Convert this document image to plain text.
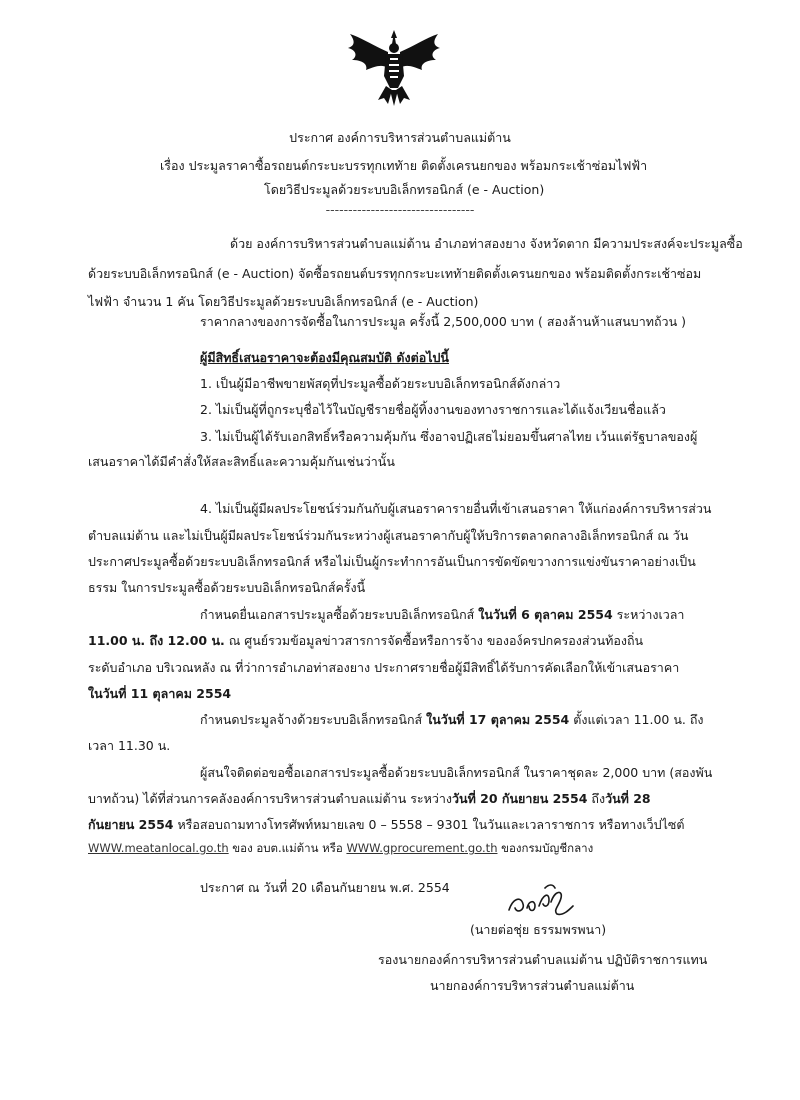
ประกาศ องค์การบริหารส่วนตำบลแม่ต้าน
เรื่อง ประมูลราคาซื้อรถยนต์กระบะบรรทุกเททัาย ติดตั้งเครนยกของ พร้อมกระเช้าซ่อมไฟฟ้า
โดยวิธีประมูลด้วยระบบอิเล็กทรอนิกส์ (e - Auction)
---------------------------------
ด้วย องค์การบริหารส่วนตำบลแม่ต้าน อำเภอท่าสองยาง จังหวัดตาก มีความประสงค์จะประมูลซื้อ
ด้วยระบบอิเล็กทรอนิกส์ (e - Auction) จัดซื้อรถยนต์บรรทุกกระบะเททัายติดตั้งเครนยกของ พร้อมติดตั้งกระเช้าซ่อม
ไฟฟ้า จำนวน 1 คัน โดยวิธีประมูลด้วยระบบอิเล็กทรอนิกส์ (e - Auction)
ราคากลางของการจัดซื้อในการประมูล ครั้งนี้ 2,500,000 บาท ( สองล้านห้าแสนบาทถ้วน )
ผู้มีสิทธิ์เสนอราคาจะต้องมีคุณสมบัติ ดังต่อไปนี้
1. เป็นผู้มีอาชีพขายพัสดุที่ประมูลซื้อด้วยระบบอิเล็กทรอนิกส์ดังกล่าว
2. ไม่เป็นผู้ที่ถูกระบุชื่อไว้ในบัญชีรายชื่อผู้ทิ้งงานของทางราชการและได้แจ้งเวียนชื่อแล้ว
3. ไม่เป็นผู้ได้รับเอกสิทธิ์หรือความคุ้มกัน ซึ่งอาจปฏิเสธไม่ยอมขึ้นศาลไทย เว้นแต่รัฐบาลของผู้
เสนอราคาได้มีคำสั่งให้สละสิทธิ์และความคุ้มกันเช่นว่านั้น
4. ไม่เป็นผู้มีผลประโยชน์ร่วมกันกับผู้เสนอราคารายอื่นที่เข้าเสนอราคา ให้แก่องค์การบริหารส่วน
ตำบลแม่ต้าน และไม่เป็นผู้มีผลประโยชน์ร่วมกันระหว่างผู้เสนอราคากับผู้ให้บริการตลาดกลางอิเล็กทรอนิกส์ ณ วัน
ประกาศประมูลซื้อด้วยระบบอิเล็กทรอนิกส์ หรือไม่เป็นผู้กระทำการอันเป็นการขัดขัดขวางการแข่งขันราคาอย่างเป็น
ธรรม ในการประมูลซื้อด้วยระบบอิเล็กทรอนิกส์ครั้งนี้
กำหนดยื่นเอกสารประมูลซื้อด้วยระบบอิเล็กทรอนิกส์ ในวันที่ 6 ตุลาคม 2554 ระหว่างเวลา
11.00 น. ถึง 12.00 น. ณ ศูนย์รวมข้อมูลข่าวสารการจัดซื้อหรือการจ้าง ขององ์ครปกครองส่วนท้องถิ่น
ระดับอำเภอ บริเวณหลัง ณ ที่ว่าการอำเภอท่าสองยาง ประกาศรายชื่อผู้มีสิทธิ์ได้รับการคัดเลือกให้เข้าเสนอราคา
ในวันที่ 11 ตุลาคม 2554
กำหนดประมูลจ้างด้วยระบบอิเล็กทรอนิกส์ ในวันที่ 17 ตุลาคม 2554 ตั้งแต่เวลา 11.00 น. ถึง
เวลา 11.30 น.
ผู้สนใจติดต่อขอซื้อเอกสารประมูลซื้อด้วยระบบอิเล็กทรอนิกส์ ในราคาชุดละ 2,000 บาท (สองพัน
บาทถ้วน) ได้ที่ส่วนการคลังองค์การบริหารส่วนตำบลแม่ต้าน ระหว่างวันที่ 20 กันยายน 2554 ถึงวันที่ 28
กันยายน 2554 หรือสอบถามทางโทรศัพท์หมายเลข 0 – 5558 – 9301 ในวันและเวลาราชการ หรือทางเว็ปไซต์
WWW.meatanlocal.go.th ของ อบต.แม่ต้าน หรือ WWW.gprocurement.go.th ของกรมบัญชีกลาง
ประกาศ ณ วันที่ 20 เดือนกันยายน พ.ศ. 2554
(นายต่อชุ่ย ธรรมพรพนา)
รองนายกองค์การบริหารส่วนตำบลแม่ต้าน ปฏิบัติราชการแทน
นายกองค์การบริหารส่วนตำบลแม่ต้าน
